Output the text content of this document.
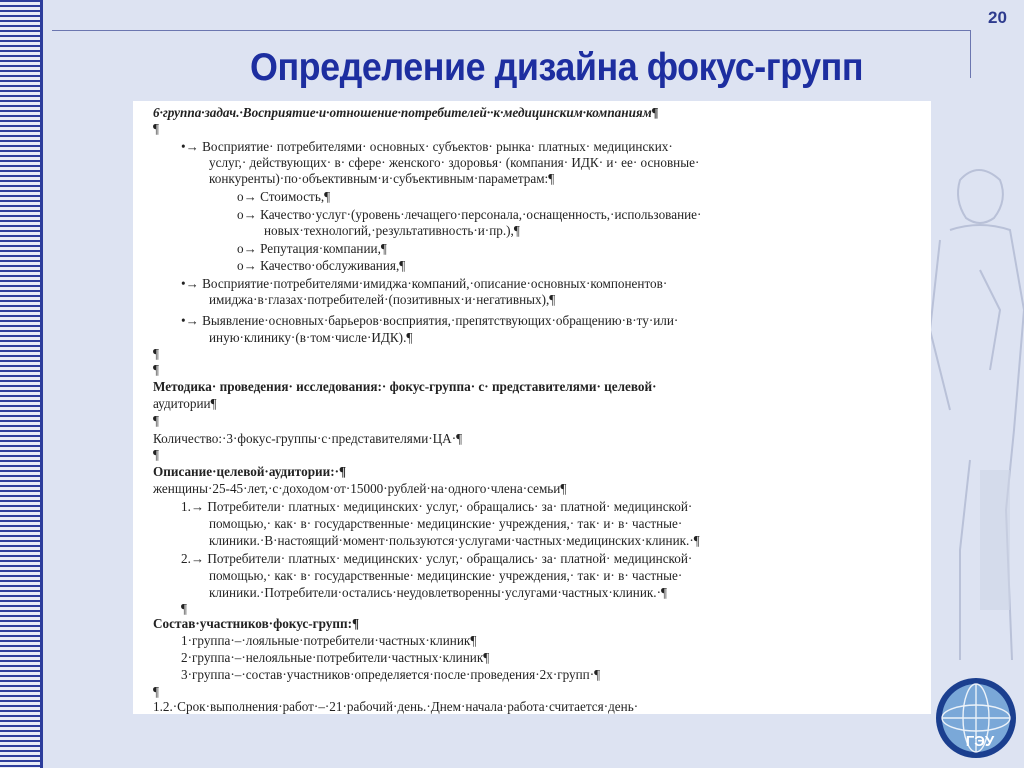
20
Определение дизайна фокус-групп
6·группа·задач.·Восприятие·и·отношение·потребителей··к·медицинским·компаниям¶
¶
•→ Восприятие· потребителями· основных· субъектов· рынка· платных· медицинских·
услуг,· действующих· в· сфере· женского· здоровья· (компания· ИДК· и· ее· основные·
конкуренты)·по·объективным·и·субъективным·параметрам:¶
о→ Стоимость,¶
о→ Качество·услуг·(уровень·лечащего·персонала,·оснащенность,·использование·
новых·технологий,·результативность·и·пр.),¶
о→ Репутация·компании,¶
о→ Качество·обслуживания,¶
•→ Восприятие·потребителями·имиджа·компаний,·описание·основных·компонентов·
имиджа·в·глазах·потребителей·(позитивных·и·негативных),¶
•→ Выявление·основных·барьеров·восприятия,·препятствующих·обращению·в·ту·или·
иную·клинику·(в·том·числе·ИДК).¶
¶
¶
Методика· проведения· исследования:· фокус-группа· с· представителями· целевой·
аудитории¶
¶
Количество:·3·фокус-группы·с·представителями·ЦА·¶
¶
Описание·целевой·аудитории:·¶
женщины·25-45·лет,·с·доходом·от·15000·рублей·на·одного·члена·семьи¶
1.→ Потребители· платных· медицинских· услуг,· обращались· за· платной· медицинской·
помощью,· как· в· государственные· медицинские· учреждения,· так· и· в· частные·
клиники.·В·настоящий·момент·пользуются·услугами·частных·медицинских·клиник.·¶
2.→ Потребители· платных· медицинских· услуг,· обращались· за· платной· медицинской·
помощью,· как· в· государственные· медицинские· учреждения,· так· и· в· частные·
клиники.·Потребители·остались·неудовлетворенны·услугами·частных·клиник.·¶
¶
Состав·участников·фокус-групп:¶
1·группа·–·лояльные·потребители·частных·клиник¶
2·группа·–·нелояльные·потребители·частных·клиник¶
3·группа·–·состав·участников·определяется·после·проведения·2х·групп·¶
¶
1.2.·Срок·выполнения·работ·–·21·рабочий·день.·Днем·начала·работа·считается·день·
ГЭУ
